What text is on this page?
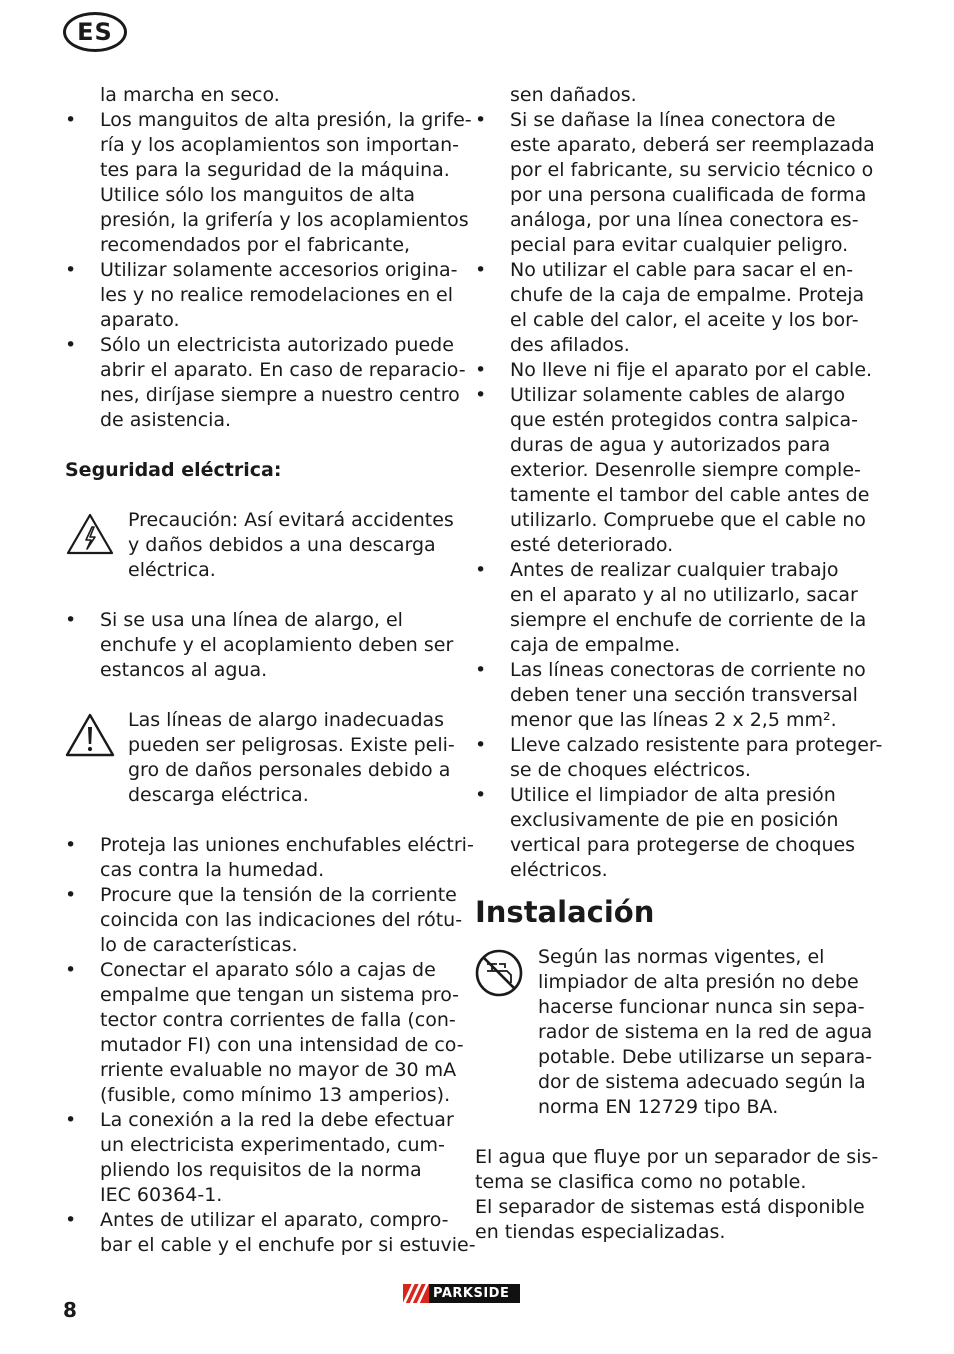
ES
la marcha en seco.
• Los manguitos de alta presión, la grife-
ría y los acoplamientos son importan-
tes para la seguridad de la máquina.
Utilice sólo los manguitos de alta
presión, la grifería y los acoplamientos
recomendados por el fabricante,
• Utilizar solamente accesorios origina-
les y no realice remodelaciones en el
aparato.
• Sólo un electricista autorizado puede
abrir el aparato. En caso de reparacio-
nes, diríjase siempre a nuestro centro
de asistencia.
Seguridad eléctrica:
Precaución: Así evitará accidentes
y daños debidos a una descarga
eléctrica.
• Si se usa una línea de alargo, el
enchufe y el acoplamiento deben ser
estancos al agua.
Las líneas de alargo inadecuadas
pueden ser peligrosas. Existe peli-
gro de daños personales debido a
descarga eléctrica.
• Proteja las uniones enchufables eléctri-
cas contra la humedad.
• Procure que la tensión de la corriente
coincida con las indicaciones del rótu-
lo de características.
• Conectar el aparato sólo a cajas de
empalme que tengan un sistema pro-
tector contra corrientes de falla (con-
mutador FI) con una intensidad de co-
rriente evaluable no mayor de 30 mA
(fusible, como mínimo 13 amperios).
• La conexión a la red la debe efectuar
un electricista experimentado, cum-
pliendo los requisitos de la norma
IEC 60364-1.
• Antes de utilizar el aparato, compro-
bar el cable y el enchufe por si estuvie-
sen dañados.
• Si se dañase la línea conectora de
este aparato, deberá ser reemplazada
por el fabricante, su servicio técnico o
por una persona cualificada de forma
análoga, por una línea conectora es-
pecial para evitar cualquier peligro.
• No utilizar el cable para sacar el en-
chufe de la caja de empalme. Proteja
el cable del calor, el aceite y los bor-
des afilados.
• No lleve ni fije el aparato por el cable.
• Utilizar solamente cables de alargo
que estén protegidos contra salpica-
duras de agua y autorizados para
exterior. Desenrolle siempre comple-
tamente el tambor del cable antes de
utilizarlo. Compruebe que el cable no
esté deteriorado.
• Antes de realizar cualquier trabajo
en el aparato y al no utilizarlo, sacar
siempre el enchufe de corriente de la
caja de empalme.
• Las líneas conectoras de corriente no
deben tener una sección transversal
menor que las líneas 2 x 2,5 mm².
• Lleve calzado resistente para proteger-
se de choques eléctricos.
• Utilice el limpiador de alta presión
exclusivamente de pie en posición
vertical para protegerse de choques
eléctricos.
Instalación
Según las normas vigentes, el
limpiador de alta presión no debe
hacerse funcionar nunca sin sepa-
rador de sistema en la red de agua
potable. Debe utilizarse un separa-
dor de sistema adecuado según la
norma EN 12729 tipo BA.
El agua que fluye por un separador de sis-
tema se clasifica como no potable.
El separador de sistemas está disponible
en tiendas especializadas.
8
PARKSIDE
